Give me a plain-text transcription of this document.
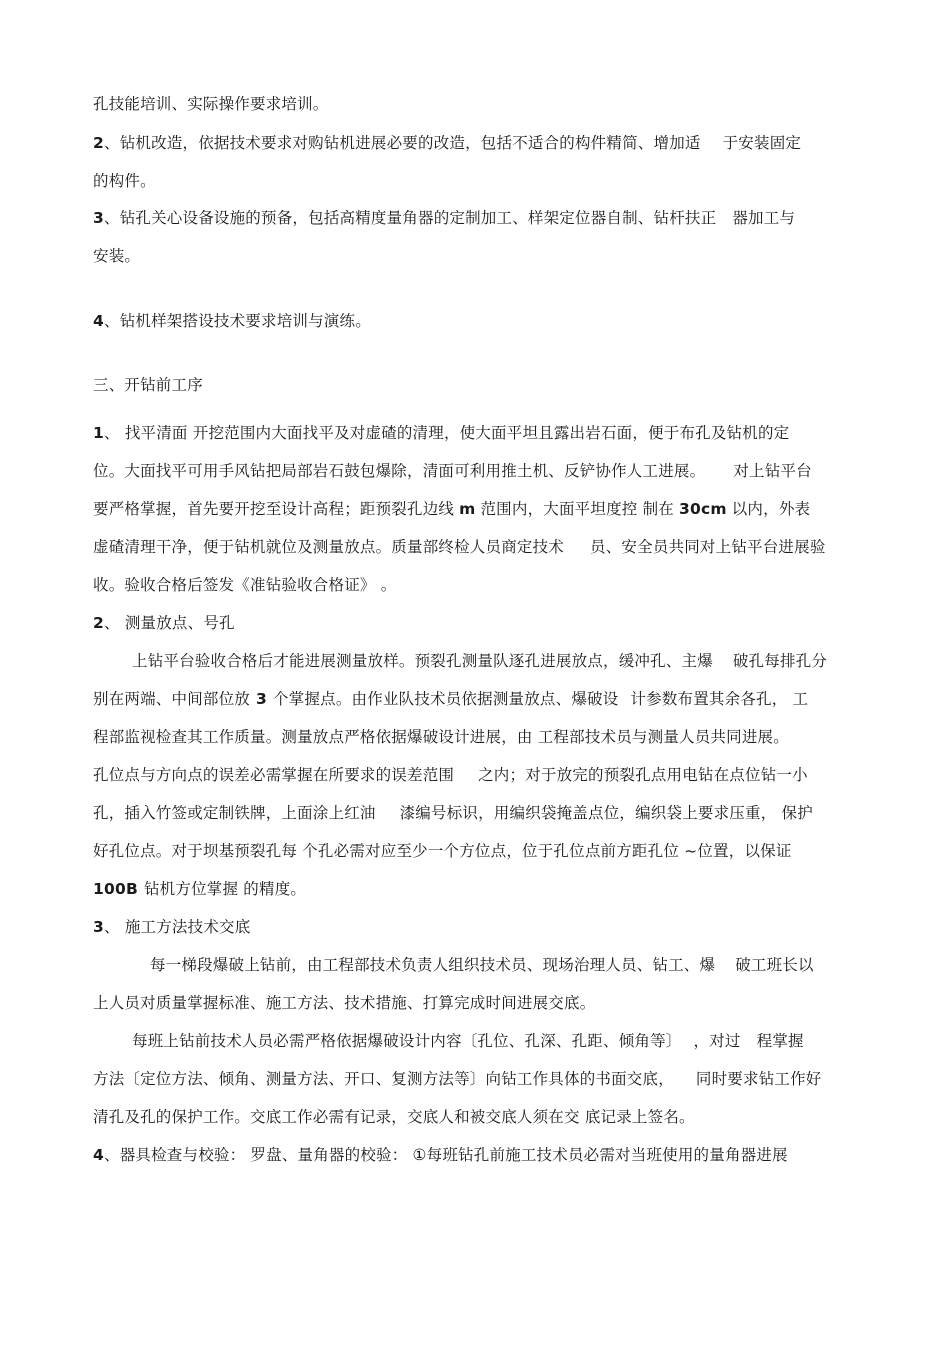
孔技能培训、实际操作要求培训。
2、钻机改造，依据技术要求对购钻机进展必要的改造，包括不适合的构件精简、增加适 于安装固定
的构件。
3、钻孔关心设备设施的预备，包括高精度量角器的定制加工、样架定位器自制、钻杆扶正 器加工与
安装。
4、钻机样架搭设技术要求培训与演练。
三、开钻前工序
1、 找平清面 开挖范围内大面找平及对虚碴的清理，使大面平坦且露出岩石面，便于布孔及钻机的定
位。大面找平可用手风钻把局部岩石鼓包爆除，清面可利用推土机、反铲协作人工进展。 对上钻平台
要严格掌握，首先要开挖至设计高程；距预裂孔边线 m 范围内，大面平坦度控 制在 30cm 以内，外表
虚碴清理干净，便于钻机就位及测量放点。质量部终检人员商定技术 员、安全员共同对上钻平台进展验
收。验收合格后签发《准钻验收合格证》 。
2、 测量放点、号孔
上钻平台验收合格后才能进展测量放样。预裂孔测量队逐孔进展放点，缓冲孔、主爆 破孔每排孔分
别在两端、中间部位放 3 个掌握点。由作业队技术员依据测量放点、爆破设 计参数布置其余各孔， 工
程部监视检查其工作质量。测量放点严格依据爆破设计进展，由 工程部技术员与测量人员共同进展。
孔位点与方向点的误差必需掌握在所要求的误差范围 之内；对于放完的预裂孔点用电钻在点位钻一小
孔，插入竹签或定制铁牌，上面涂上红油 漆编号标识，用编织袋掩盖点位，编织袋上要求压重， 保护
好孔位点。对于坝基预裂孔每 个孔必需对应至少一个方位点，位于孔位点前方距孔位 ~位置，以保证
100B 钻机方位掌握 的精度。
3、 施工方法技术交底
每一梯段爆破上钻前，由工程部技术负责人组织技术员、现场治理人员、钻工、爆 破工班长以
上人员对质量掌握标准、施工方法、技术措施、打算完成时间进展交底。
每班上钻前技术人员必需严格依据爆破设计内容〔孔位、孔深、孔距、倾角等〕 ，对过 程掌握
方法〔定位方法、倾角、测量方法、开口、复测方法等〕向钻工作具体的书面交底， 同时要求钻工作好
清孔及孔的保护工作。交底工作必需有记录，交底人和被交底人须在交 底记录上签名。
4、器具检查与校验： 罗盘、量角器的校验： ①每班钻孔前施工技术员必需对当班使用的量角器进展
